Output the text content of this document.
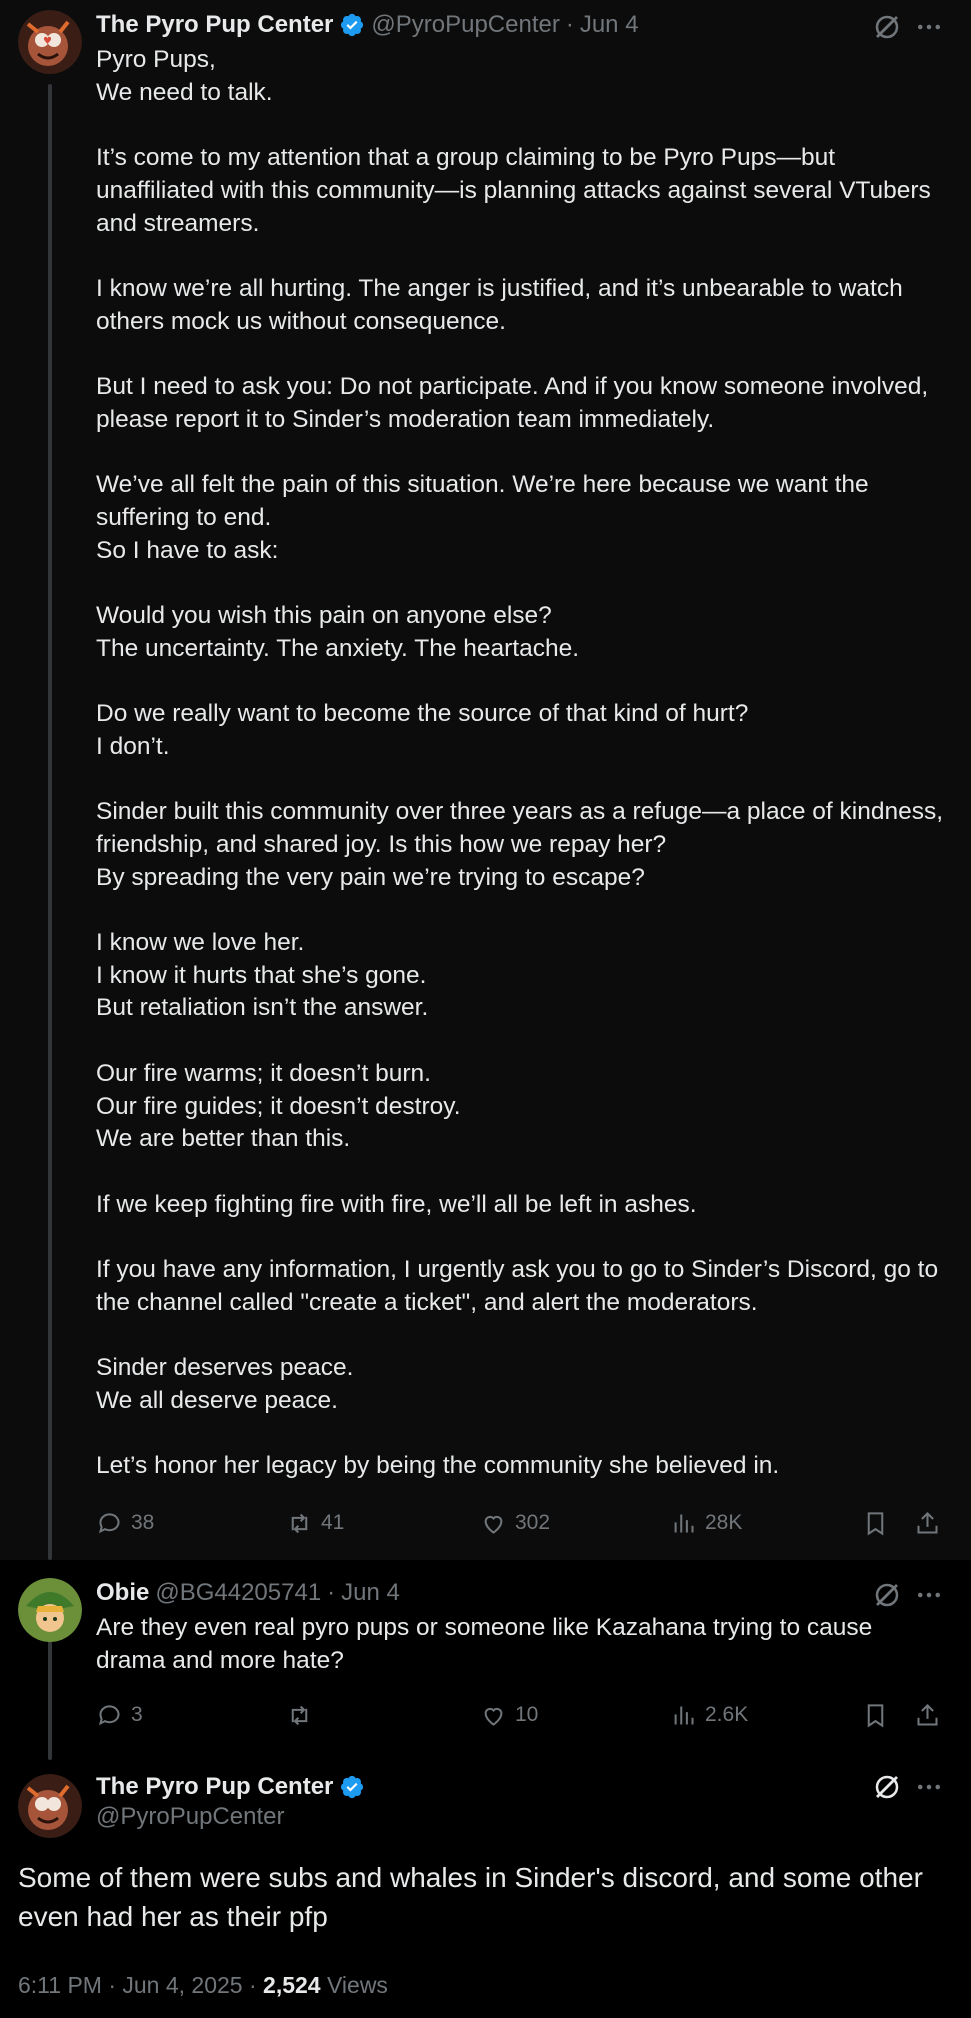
♥
The Pyro Pup Center @PyroPupCenter · Jun 4
Pyro Pups,
We need to talk.

It’s come to my attention that a group claiming to be Pyro Pups—but unaffiliated with this community—is planning attacks against several VTubers and streamers.

I know we’re all hurting. The anger is justified, and it’s unbearable to watch others mock us without consequence.

But I need to ask you: Do not participate. And if you know someone involved, please report it to Sinder’s moderation team immediately.

We’ve all felt the pain of this situation. We’re here because we want the suffering to end.
So I have to ask:

Would you wish this pain on anyone else?
The uncertainty. The anxiety. The heartache.

Do we really want to become the source of that kind of hurt?
I don’t.

Sinder built this community over three years as a refuge—a place of kindness, friendship, and shared joy. Is this how we repay her?
By spreading the very pain we’re trying to escape?

I know we love her.
I know it hurts that she’s gone.
But retaliation isn’t the answer.

Our fire warms; it doesn’t burn.
Our fire guides; it doesn’t destroy.
We are better than this.

If we keep fighting fire with fire, we’ll all be left in ashes.

If you have any information, I urgently ask you to go to Sinder’s Discord, go to the channel called "create a ticket", and alert the moderators.

Sinder deserves peace.
We all deserve peace.

Let’s honor her legacy by being the community she believed in.
38	41	302	28K
Obie @BG44205741 · Jun 4
Are they even real pyro pups or someone like Kazahana trying to cause drama and more hate?
3	10	2.6K
The Pyro Pup Center
@PyroPupCenter
Some of them were subs and whales in Sinder's discord, and some other even had her as their pfp
6:11 PM · Jun 4, 2025 · 2,524 Views
